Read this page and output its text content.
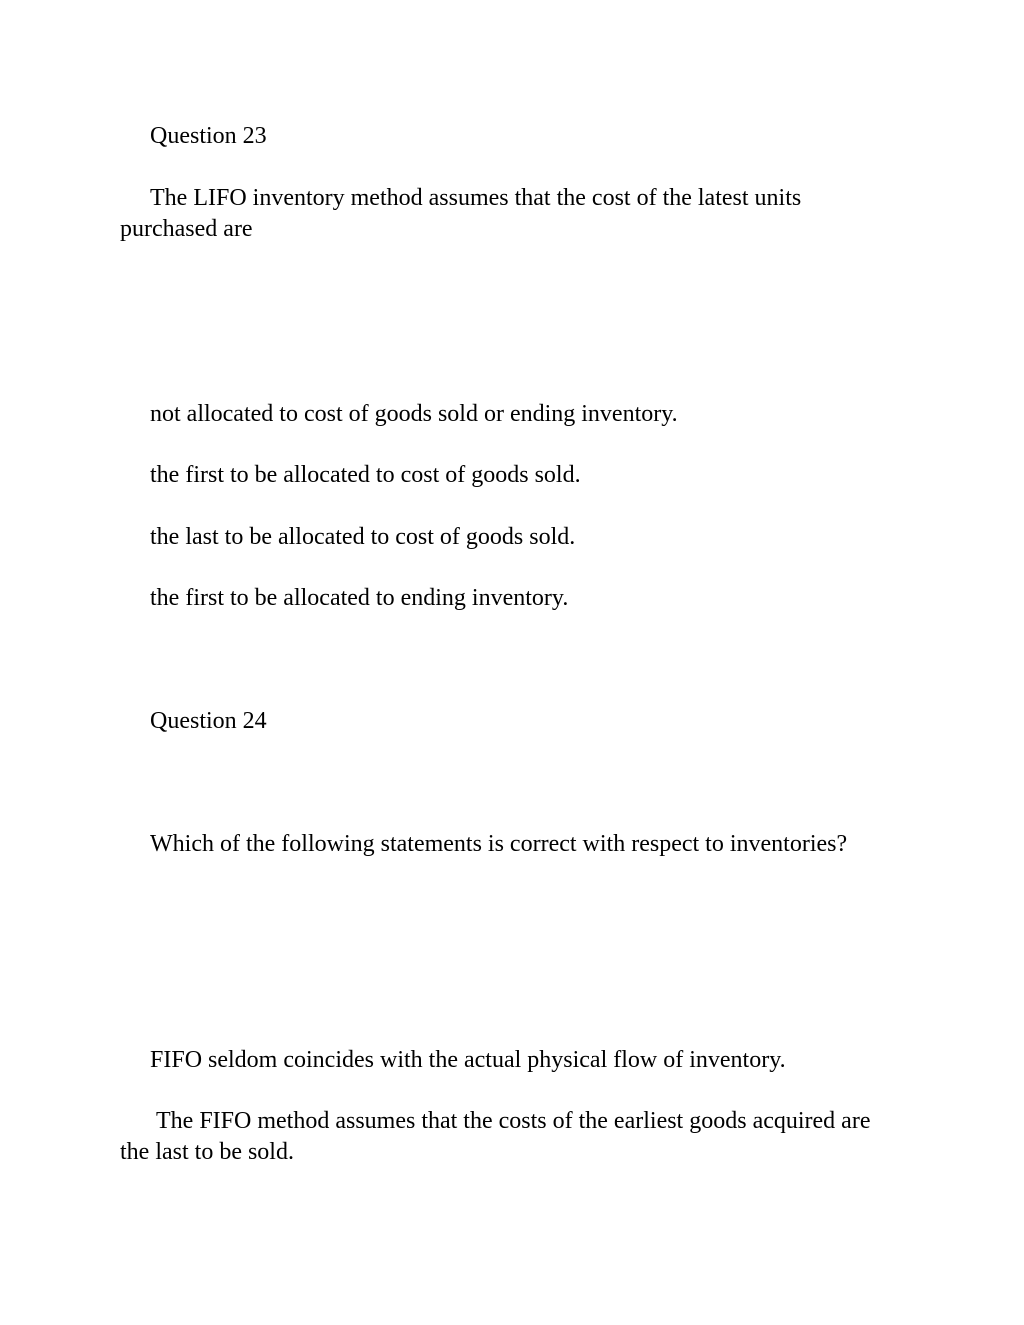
Question 23

The LIFO inventory method assumes that the cost of the latest units purchased are

not allocated to cost of goods sold or ending inventory.

the first to be allocated to cost of goods sold.

the last to be allocated to cost of goods sold.

the first to be allocated to ending inventory.

Question 24

Which of the following statements is correct with respect to inventories?

FIFO seldom coincides with the actual physical flow of inventory.

The FIFO method assumes that the costs of the earliest goods acquired are the last to be sold.
